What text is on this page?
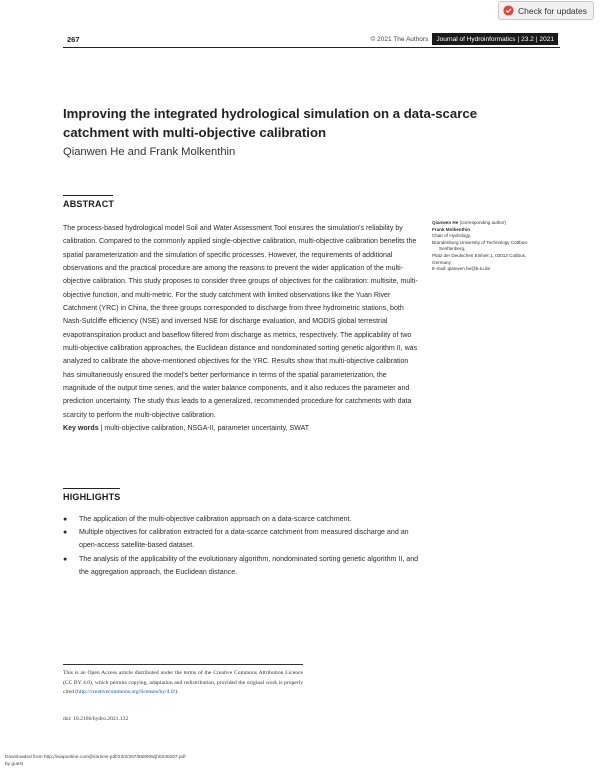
Check for updates
267	© 2021 The Authors Journal of Hydroinformatics | 23.2 | 2021
Improving the integrated hydrological simulation on a data-scarce catchment with multi-objective calibration
Qianwen He and Frank Molkenthin
ABSTRACT

The process-based hydrological model Soil and Water Assessment Tool ensures the simulation's reliability by calibration. Compared to the commonly applied single-objective calibration, multi-objective calibration benefits the spatial parameterization and the simulation of specific processes. However, the requirements of additional observations and the practical procedure are among the reasons to prevent the wider application of the multi-objective calibration. This study proposes to consider three groups of objectives for the calibration: multisite, multi-objective function, and multi-metric. For the study catchment with limited observations like the Yuan River Catchment (YRC) in China, the three groups corresponded to discharge from three hydrometric stations, both Nash-Sutcliffe efficiency (NSE) and inversed NSE for discharge evaluation, and MODIS global terrestrial evapotranspiration product and baseflow filtered from discharge as metrics, respectively. The applicability of two multi-objective calibration approaches, the Euclidean distance and nondominated sorting genetic algorithm II, was analyzed to calibrate the above-mentioned objectives for the YRC. Results show that multi-objective calibration has simultaneously ensured the model's better performance in terms of the spatial parameterization, the magnitude of the output time series, and the water balance components, and it also reduces the parameter and prediction uncertainty. The study thus leads to a generalized, recommended procedure for catchments with data scarcity to perform the multi-objective calibration.

Key words | multi-objective calibration, NSGA-II, parameter uncertainty, SWAT

Qianwen He (corresponding author)
Frank Molkenthin
Chair of Hydrology,
Brandenburg University of Technology Cottbus-
Senftenberg,
Platz der Deutschen Einheit 1, 03013 Cottbus,
Germany
E-mail: qianwen.he@b-tu.de
HIGHLIGHTS
● The application of the multi-objective calibration approach on a data-scarce catchment.
● Multiple objectives for calibration extracted for a data-scarce catchment from measured discharge and an open-access satellite-based dataset.
● The analysis of the applicability of the evolutionary algorithm, nondominated sorting genetic algorithm II, and the aggregation approach, the Euclidean distance.
This is an Open Access article distributed under the terms of the Creative Commons Attribution Licence (CC BY 4.0), which permits copying, adaptation and redistribution, provided the original work is properly cited (http://creativecommons.org/licenses/by/4.0/).
doi: 10.2166/hydro.2021.132
Downloaded from http://iwaponline.com/jh/article-pdf/23/2/267/858005/jh0230267.pdf
by guest
